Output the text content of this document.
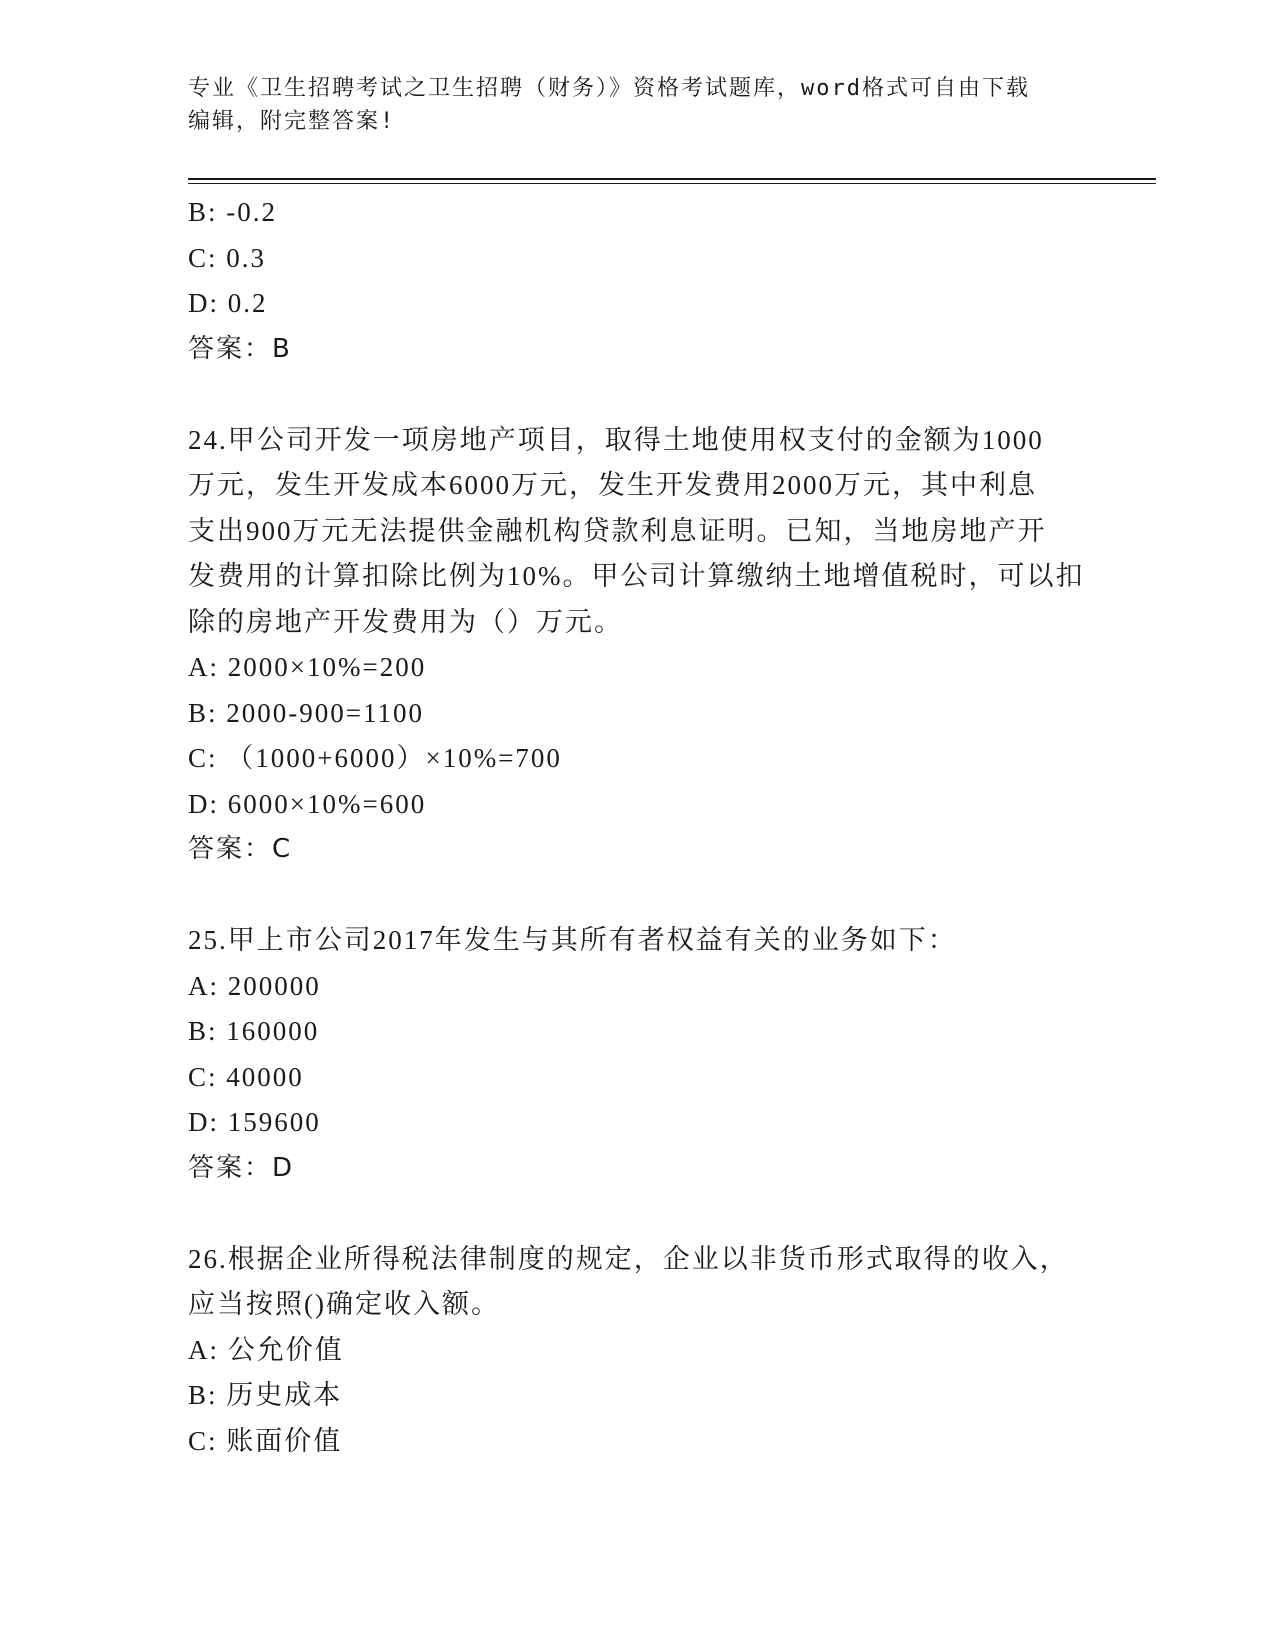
专业《卫生招聘考试之卫生招聘（财务）》资格考试题库，word格式可自由下载
编辑，附完整答案!
B: -0.2
C: 0.3
D: 0.2
答案：B
24.甲公司开发一项房地产项目，取得土地使用权支付的金额为1000
万元，发生开发成本6000万元，发生开发费用2000万元，其中利息
支出900万元无法提供金融机构贷款利息证明。已知，当地房地产开
发费用的计算扣除比例为10%。甲公司计算缴纳土地增值税时，可以扣
除的房地产开发费用为（）万元。
A: 2000×10%=200
B: 2000-900=1100
C: （1000+6000）×10%=700
D: 6000×10%=600
答案：C
25.甲上市公司2017年发生与其所有者权益有关的业务如下：
A: 200000
B: 160000
C: 40000
D: 159600
答案：D
26.根据企业所得税法律制度的规定，企业以非货币形式取得的收入，
应当按照()确定收入额。
A: 公允价值
B: 历史成本
C: 账面价值
